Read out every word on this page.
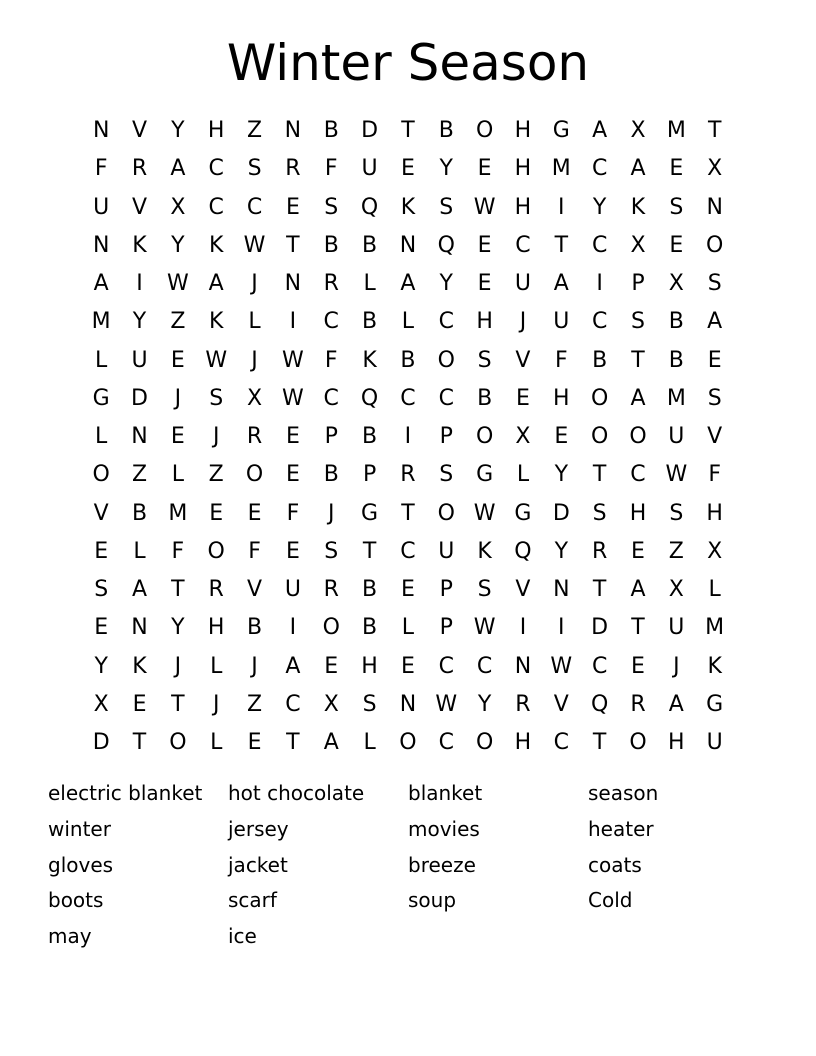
Winter Season
N	V	Y	H	Z	N	B	D	T	B	O H G	A	X M	T
F	R	A	C	S	R	F	U	E	Y	E	H M C	A	E	X
U	V	X	C	C	E	S	Q	K	S W H	I	Y	K	S	N
N	K	Y	K W T	B	B	N Q	E	C	T	C	X	E	O
A	I	W A	J	N	R	L	A	Y	E	U	A	I	P	X	S
M	Y	Z	K	L	I	C	B	L	C	H	J	U	C	S	B	A
L	U	E W	J	W F	K	B	O	S	V	F	B	T	B	E
G D	J	S	X W C Q	C	C	B	E	H O	A M S
L	N	E	J	R	E	P	B	I	P	O	X	E	O O U	V
O	Z	L	Z	O	E	B	P	R	S	G	L	Y	T	C W F
V	B M E	E	F	J	G	T	O W G D	S	H	S	H
E	L	F	O	F	E	S	T	C	U	K	Q	Y	R	E	Z	X
S	A	T	R	V	U	R	B	E	P	S	V	N	T	A	X	L
E	N	Y	H	B	I	O	B	L	P W	I	I	D	T	U M
Y	K	J	L	J	A	E	H	E	C	C	N W C	E	J	K
X	E	T	J	Z	C	X	S	N W Y	R	V	Q	R	A	G
D	T	O	L	E	T	A	L	O	C O H	C	T	O H	U
electric blanket	hot chocolate	blanket	season
winter	jersey	movies	heater
gloves	jacket	breeze	coats
boots	scarf	soup	Cold
may	ice
